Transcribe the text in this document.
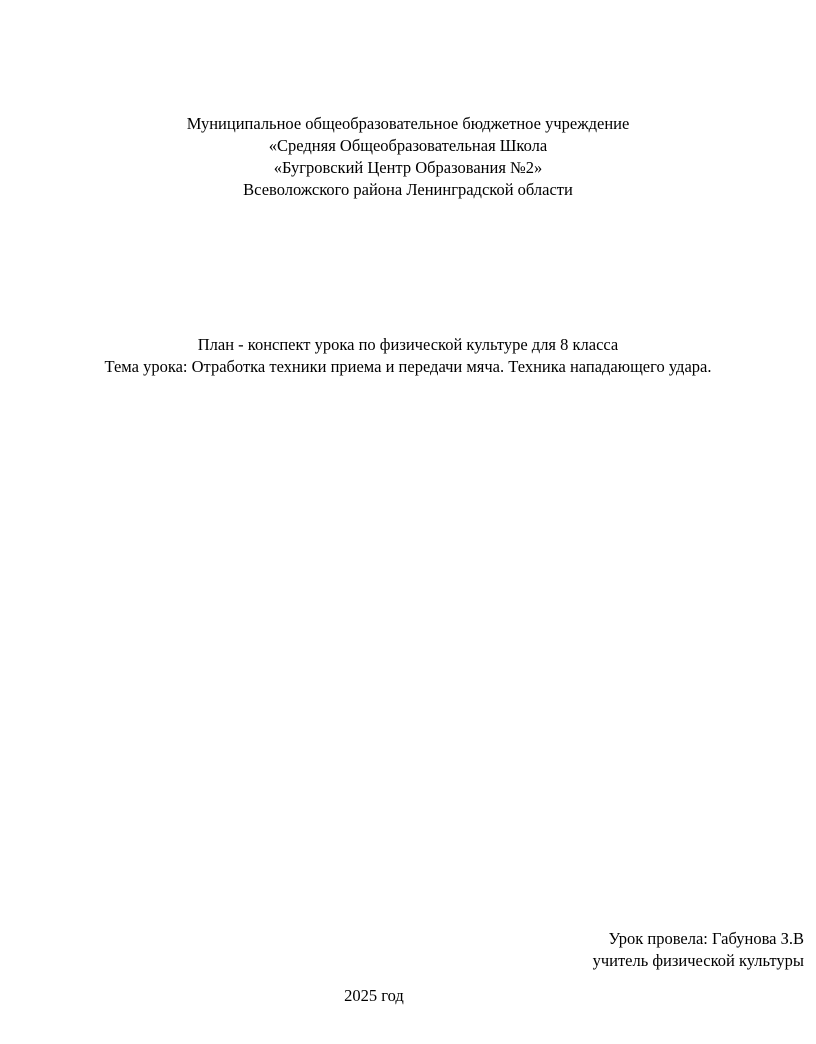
Муниципальное общеобразовательное бюджетное учреждение
«Средняя Общеобразовательная Школа
«Бугровский Центр Образования №2»
Всеволожского района Ленинградской области
План - конспект урока по физической культуре для 8 класса
Тема урока: Отработка техники приема и передачи мяча. Техника нападающего удара.
Урок провела: Габунова З.В
учитель физической культуры
2025 год
